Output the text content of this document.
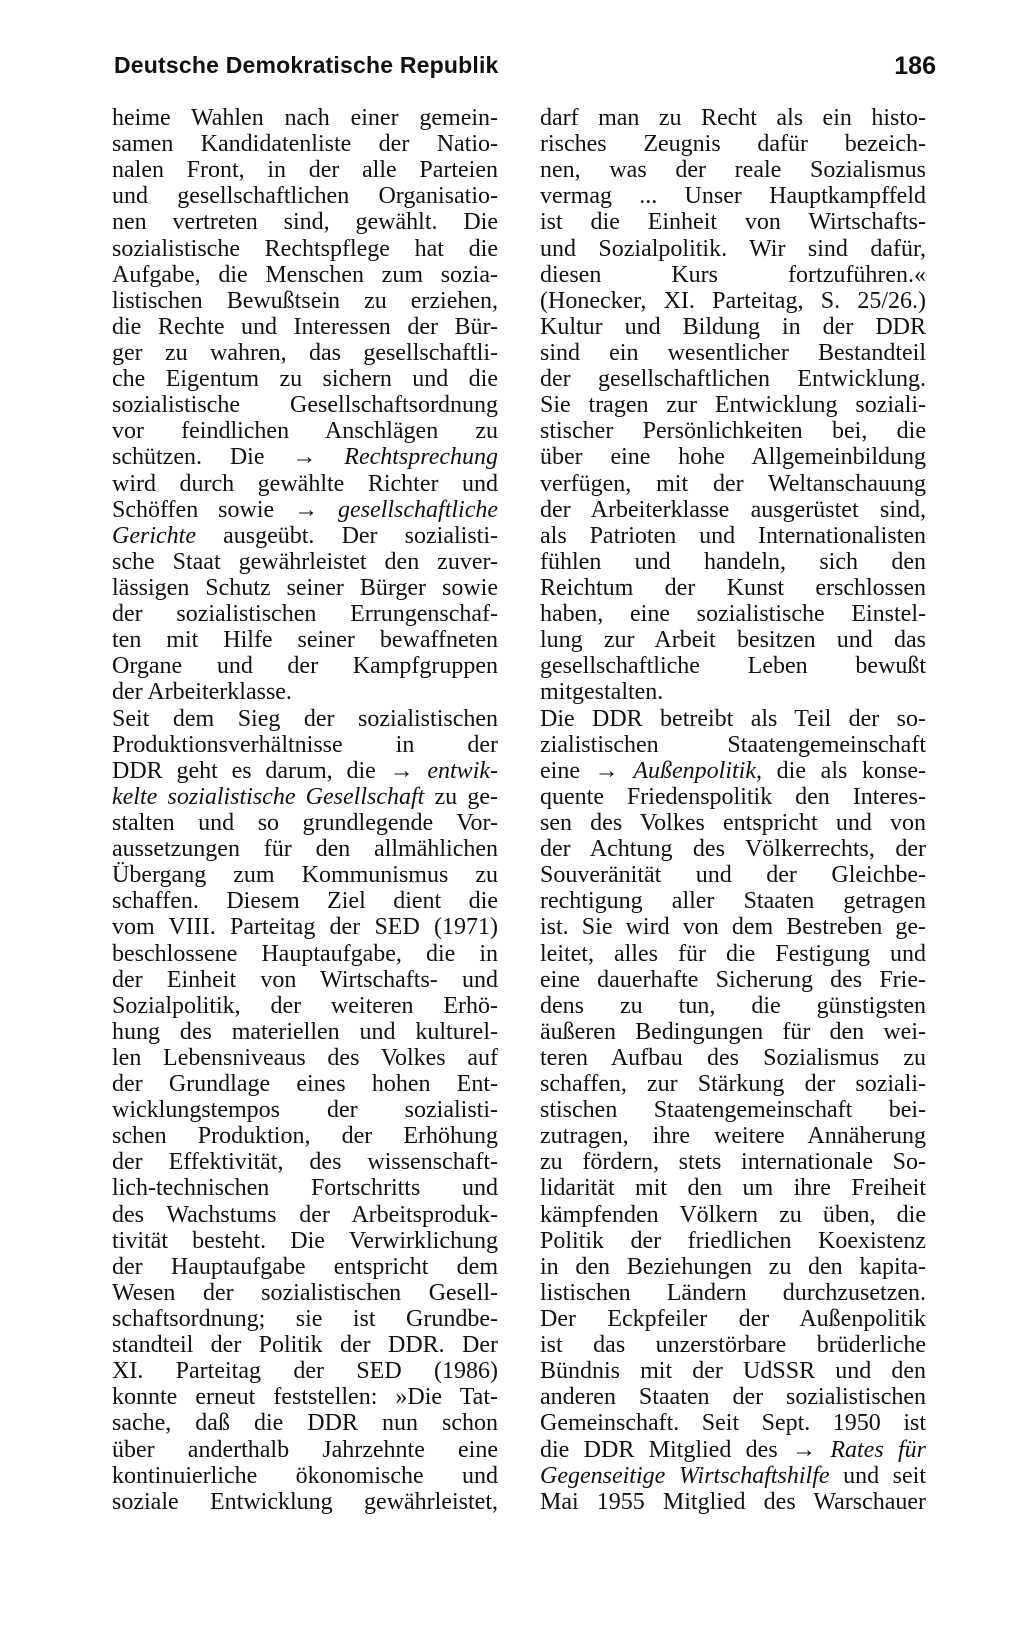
Deutsche Demokratische Republik	186
heime Wahlen nach einer gemein-
samen Kandidatenliste der Natio-
nalen Front, in der alle Parteien
und gesellschaftlichen Organisatio-
nen vertreten sind, gewählt. Die
sozialistische Rechtspflege hat die
Aufgabe, die Menschen zum sozia-
listischen Bewußtsein zu erziehen,
die Rechte und Interessen der Bür-
ger zu wahren, das gesellschaftli-
che Eigentum zu sichern und die
sozialistische Gesellschaftsordnung
vor feindlichen Anschlägen zu
schützen. Die → Rechtsprechung
wird durch gewählte Richter und
Schöffen sowie → gesellschaftliche
Gerichte ausgeübt. Der sozialisti-
sche Staat gewährleistet den zuver-
lässigen Schutz seiner Bürger sowie
der sozialistischen Errungenschaf-
ten mit Hilfe seiner bewaffneten
Organe und der Kampfgruppen
der Arbeiterklasse.
Seit dem Sieg der sozialistischen
Produktionsverhältnisse in der
DDR geht es darum, die → entwik-
kelte sozialistische Gesellschaft zu ge-
stalten und so grundlegende Vor-
aussetzungen für den allmählichen
Übergang zum Kommunismus zu
schaffen. Diesem Ziel dient die
vom VIII. Parteitag der SED (1971)
beschlossene Hauptaufgabe, die in
der Einheit von Wirtschafts- und
Sozialpolitik, der weiteren Erhö-
hung des materiellen und kulturel-
len Lebensniveaus des Volkes auf
der Grundlage eines hohen Ent-
wicklungstempos der sozialisti-
schen Produktion, der Erhöhung
der Effektivität, des wissenschaft-
lich-technischen Fortschritts und
des Wachstums der Arbeitsproduk-
tivität besteht. Die Verwirklichung
der Hauptaufgabe entspricht dem
Wesen der sozialistischen Gesell-
schaftsordnung; sie ist Grundbe-
standteil der Politik der DDR. Der
XI. Parteitag der SED (1986)
konnte erneut feststellen: »Die Tat-
sache, daß die DDR nun schon
über anderthalb Jahrzehnte eine
kontinuierliche ökonomische und
soziale Entwicklung gewährleistet,
darf man zu Recht als ein histo-
risches Zeugnis dafür bezeich-
nen, was der reale Sozialismus
vermag ... Unser Hauptkampffeld
ist die Einheit von Wirtschafts-
und Sozialpolitik. Wir sind dafür,
diesen Kurs fortzuführen.«
(Honecker, XI. Parteitag, S. 25/26.)
Kultur und Bildung in der DDR
sind ein wesentlicher Bestandteil
der gesellschaftlichen Entwicklung.
Sie tragen zur Entwicklung soziali-
stischer Persönlichkeiten bei, die
über eine hohe Allgemeinbildung
verfügen, mit der Weltanschauung
der Arbeiterklasse ausgerüstet sind,
als Patrioten und Internationalisten
fühlen und handeln, sich den
Reichtum der Kunst erschlossen
haben, eine sozialistische Einstel-
lung zur Arbeit besitzen und das
gesellschaftliche Leben bewußt
mitgestalten.
Die DDR betreibt als Teil der so-
zialistischen Staatengemeinschaft
eine → Außenpolitik, die als konse-
quente Friedenspolitik den Interes-
sen des Volkes entspricht und von
der Achtung des Völkerrechts, der
Souveränität und der Gleichbe-
rechtigung aller Staaten getragen
ist. Sie wird von dem Bestreben ge-
leitet, alles für die Festigung und
eine dauerhafte Sicherung des Frie-
dens zu tun, die günstigsten
äußeren Bedingungen für den wei-
teren Aufbau des Sozialismus zu
schaffen, zur Stärkung der soziali-
stischen Staatengemeinschaft bei-
zutragen, ihre weitere Annäherung
zu fördern, stets internationale So-
lidarität mit den um ihre Freiheit
kämpfenden Völkern zu üben, die
Politik der friedlichen Koexistenz
in den Beziehungen zu den kapita-
listischen Ländern durchzusetzen.
Der Eckpfeiler der Außenpolitik
ist das unzerstörbare brüderliche
Bündnis mit der UdSSR und den
anderen Staaten der sozialistischen
Gemeinschaft. Seit Sept. 1950 ist
die DDR Mitglied des → Rates für
Gegenseitige Wirtschaftshilfe und seit
Mai 1955 Mitglied des Warschauer
